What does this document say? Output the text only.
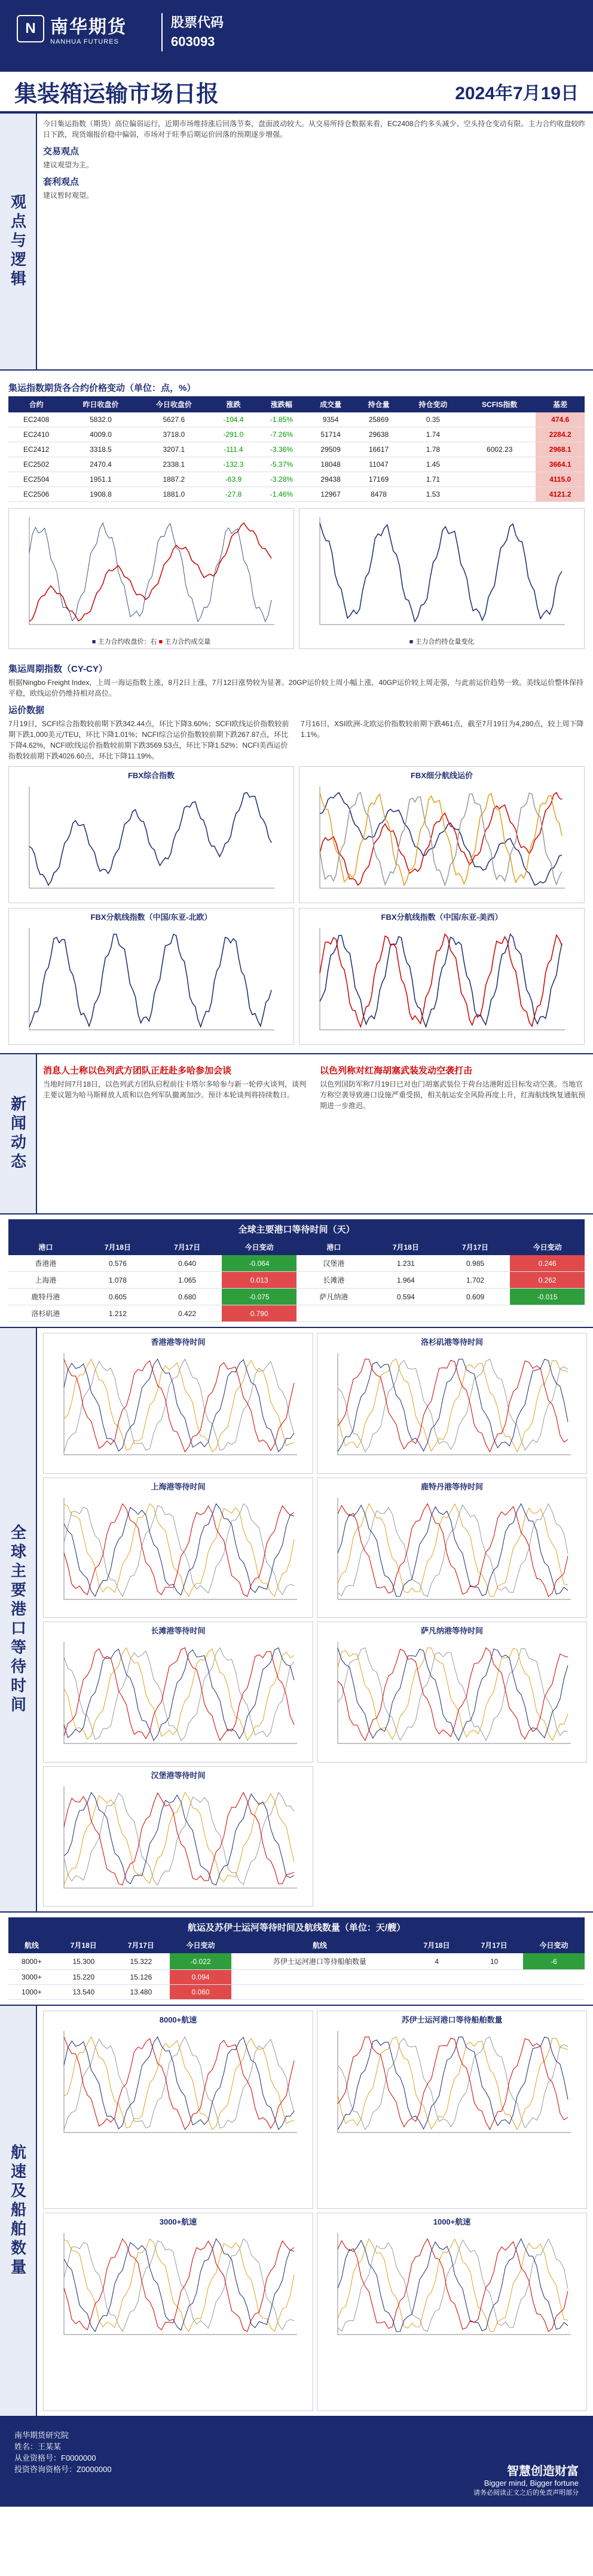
N 南华期货
NANHUA FUTURES
股票代码
603093
集装箱运输市场日报	2024年7月19日
观点与逻辑

今日集运指数（期货）高位偏弱运行，近期市场维持涨后回落节奏，盘面波动较大。从交易所持仓数据来看，EC2408合约多头减少、空头持仓变动有限。主力合约收盘较昨日下跌，现货端报价稳中偏弱，市场对于旺季后期运价回落的预期逐步增强。

交易观点

建议观望为主。

套利观点

建议暂时观望。

集运指数期货各合约价格变动（单位：点，%）
合约	昨日收盘价	今日收盘价	涨跌	涨跌幅	成交量	持仓量	持仓变动	SCFIS指数	基差
EC2408	5832.0	5627.6	-104.4	-1.85%	9354	25869	0.35		474.6
EC2410	4009.0	3718.0	-291.0	-7.26%	51714	29638	1.74		2284.2
EC2412	3318.5	3207.1	-111.4	-3.36%	29509	16617	1.78	6002.23	2968.1
EC2502	2470.4	2338.1	-132.3	-5.37%	18048	11047	1.45		3664.1
EC2504	1951.1	1887.2	-63.9	-3.28%	29438	17169	1.71		4115.0
EC2506	1908.8	1881.0	-27.8	-1.46%	12967	8478	1.53		4121.2
■ 主力合约收盘价：右 ■ 主力合约成交量	■ 主力合约持仓量变化
集运周期指数（CY-CY）

根据Ningbo Freight Index，上周一海运指数上涨，8月2日上涨，7月12日涨势较为显著。20GP运价较上周小幅上涨，40GP运价较上周走强，与此前运价趋势一致。美线运价整体保持平稳，欧线运价仍维持相对高位。

运价数据

7月19日，SCFI综合指数较前期下跌342.44点，环比下降3.60%；SCFI欧线运价指数较前期下跌1,000美元/TEU，环比下降1.01%；NCFI综合运价指数较前期下跌267.87点，环比下降4.62%，NCFI欧线运价指数较前期下跌3569.53点，环比下降1.52%；NCFI美西运价指数较前期下跌4026.60点，环比下降11.19%。

7月16日，XSI欧洲-北欧运价指数较前期下跌461点，截至7月19日为4,280点，较上周下降1.1%。

FBX综合指数	FBX细分航线运价
FBX分航线指数（中国/东亚-北欧）	FBX分航线指数（中国/东亚-美西）
新闻动态
消息人士称以色列武方团队正赶赴多哈参加会谈

当地时间7月18日，以色列武方团队启程前往卡塔尔多哈参与新一轮停火谈判，谈判主要议题为哈马斯释放人质和以色列军队撤离加沙。预计本轮谈判将持续数日。

以色列称对红海胡塞武装发动空袭打击

以色列国防军称7月19日已对也门胡塞武装位于荷台达港附近目标发动空袭。当地官方称空袭导致港口设施严重受损，相关航运安全风险再度上升，红海航线恢复通航预期进一步推迟。

全球主要港口等待时间（天）
港口	7月18日	7月17日	今日变动	港口	7月18日	7月17日	今日变动
香港港	0.576	0.640	-0.064	汉堡港	1.231	0.985	0.246
上海港	1.078	1.065	0.013	长滩港	1.964	1.702	0.262
鹿特丹港	0.605	0.680	-0.075	萨凡纳港	0.594	0.609	-0.015
洛杉矶港	1.212	0.422	0.790				
全球主要港口等待时间
香港港等待时间	洛杉矶港等待时间
上海港等待时间	鹿特丹港等待时间
长滩港等待时间	萨凡纳港等待时间
汉堡港等待时间
航运及苏伊士运河等待时间及航线数量（单位：天/艘）
航线	7月18日	7月17日	今日变动	航线	7月18日	7月17日	今日变动
8000+	15.300	15.322	-0.022	苏伊士运河港口等待船舶数量	4	10	-6
3000+	15.220	15.126	0.094				
1000+	13.540	13.480	0.060				
航速及船舶数量
8000+航速	苏伊士运河港口等待船舶数量
3000+航速	1000+航速
南华期货研究院
姓名：王某某
从业资格号：F0000000
投资咨询资格号：Z0000000	智慧创造财富
Bigger mind, Bigger fortune
请务必阅读正文之后的免责声明部分
